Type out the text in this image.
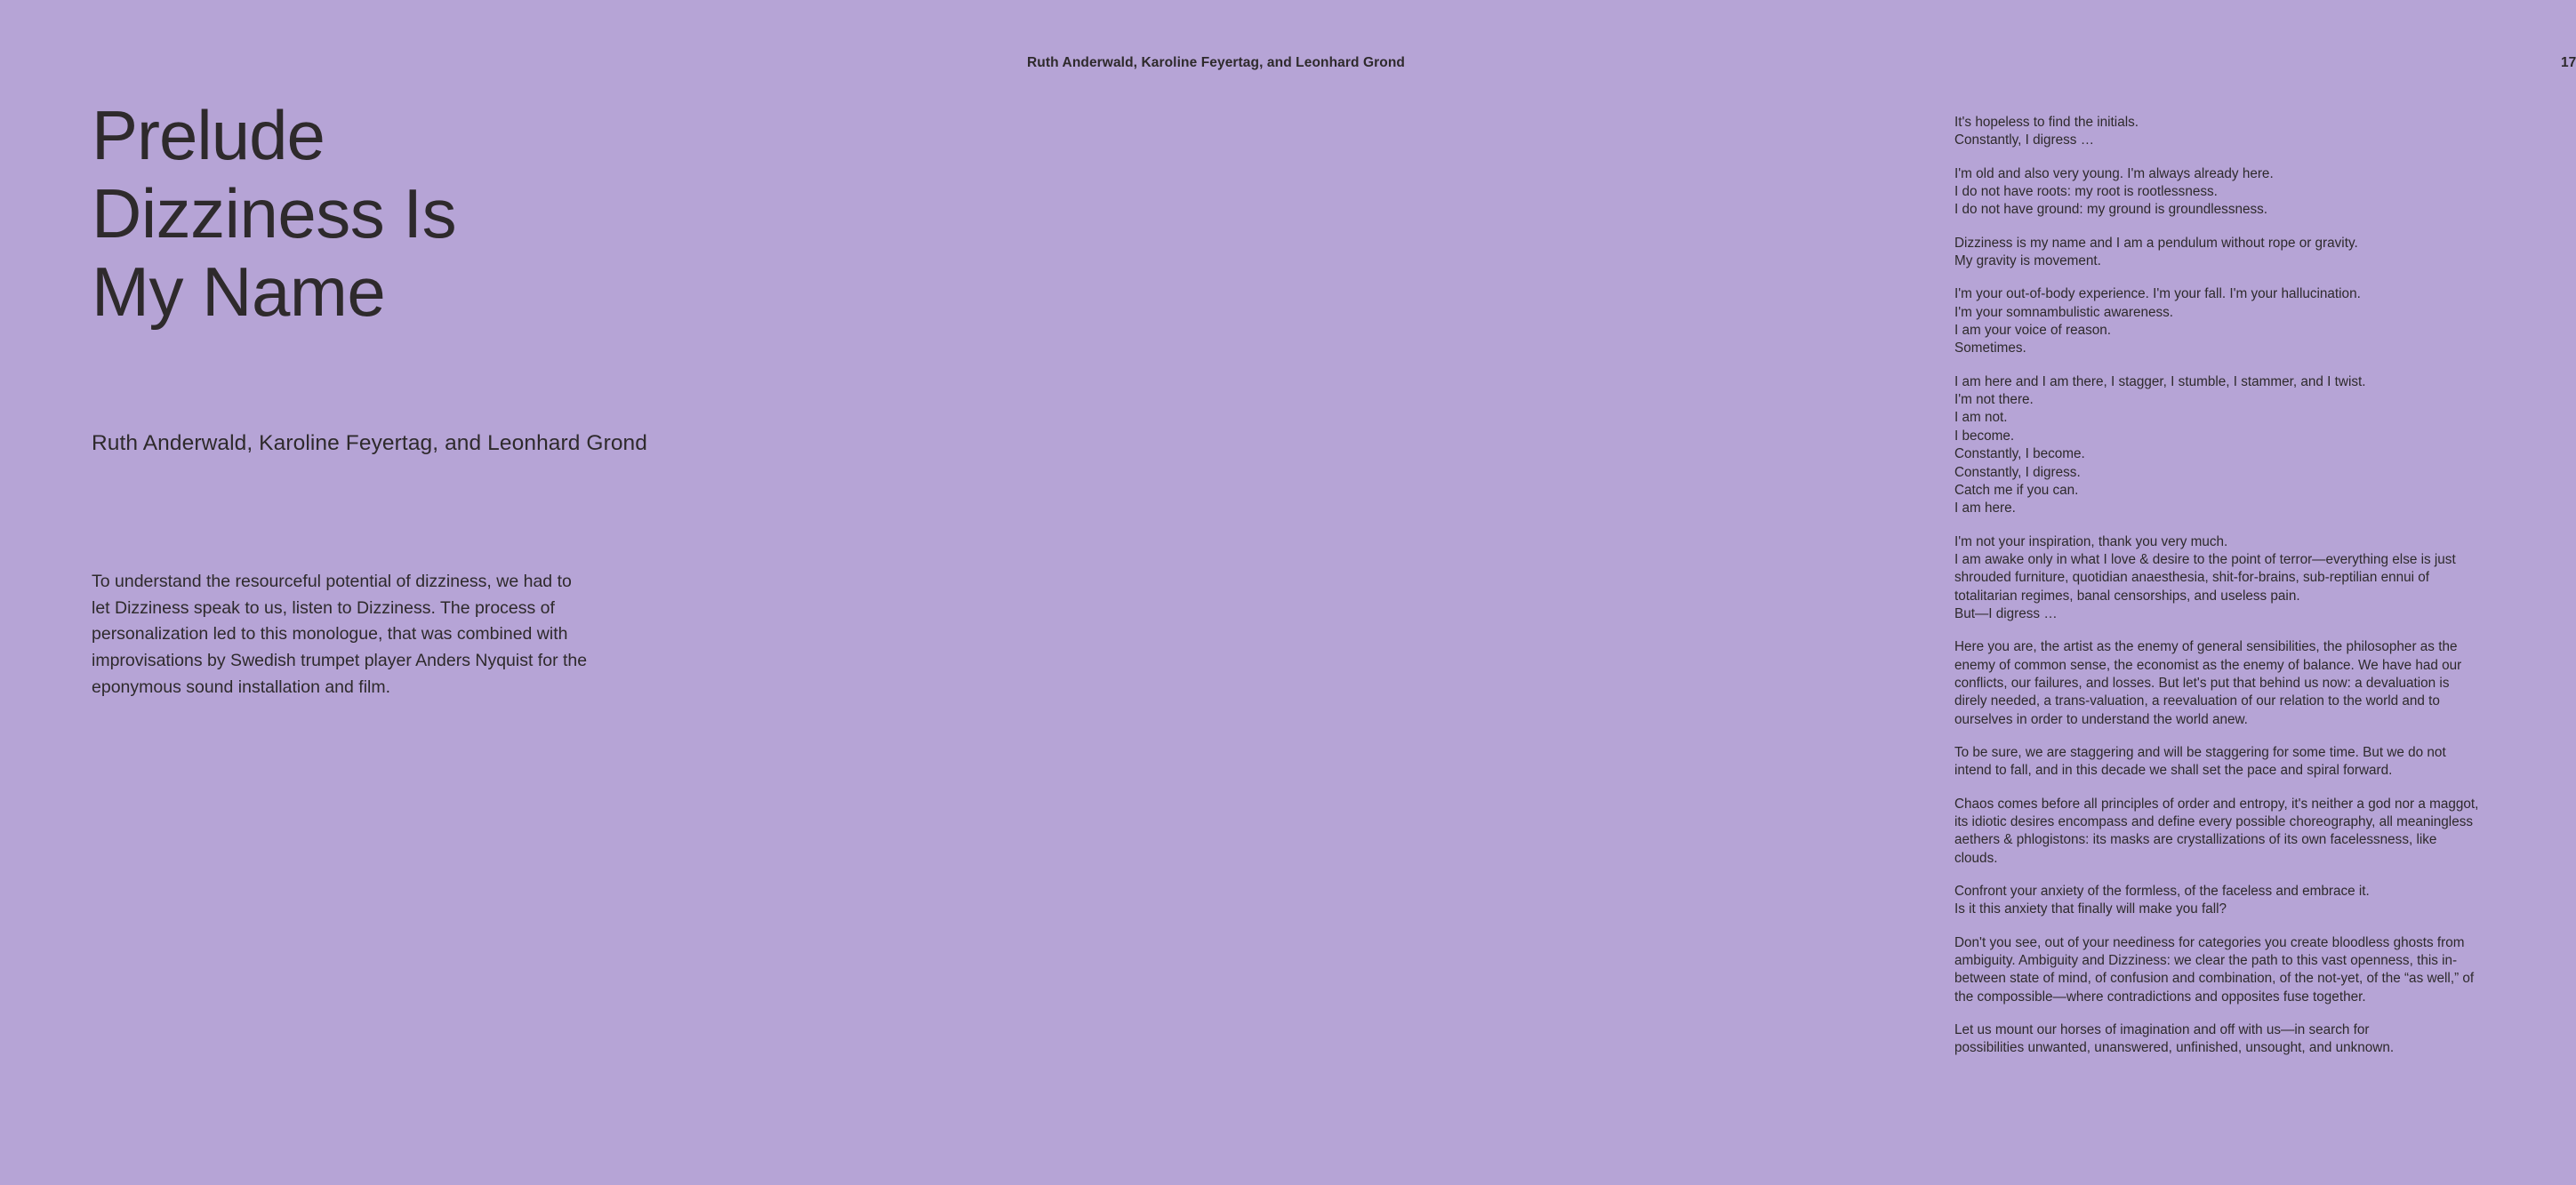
Prelude
Dizziness Is
My Name
Ruth Anderwald, Karoline Feyertag, and Leonhard Grond

To understand the resourceful potential of dizziness, we had to let Dizziness speak to us, listen to Dizziness. The process of personalization led to this monologue, that was combined with improvisations by Swedish trumpet player Anders Nyquist for the eponymous sound installation and film.

Ruth Anderwald, Karoline Feyertag, and Leonhard Grond	17

It's hopeless to find the initials.
Constantly, I digress …

I'm old and also very young. I'm always already here.
I do not have roots: my root is rootlessness.
I do not have ground: my ground is groundlessness.

Dizziness is my name and I am a pendulum without rope or gravity.
My gravity is movement.

I'm your out-of-body experience. I'm your fall. I'm your hallucination.
I'm your somnambulistic awareness.
I am your voice of reason.
Sometimes.

I am here and I am there, I stagger, I stumble, I stammer, and I twist.
I'm not there.
I am not.
I become.
Constantly, I become.
Constantly, I digress.
Catch me if you can.
I am here.

I'm not your inspiration, thank you very much.
I am awake only in what I love & desire to the point of terror—everything else is just shrouded furniture, quotidian anaesthesia, shit-for-brains, sub-reptilian ennui of totalitarian regimes, banal censorships, and useless pain.
But—I digress …

Here you are, the artist as the enemy of general sensibilities, the philosopher as the enemy of common sense, the economist as the enemy of balance. We have had our conflicts, our failures, and losses. But let's put that behind us now: a devaluation is direly needed, a trans-valuation, a reevaluation of our relation to the world and to ourselves in order to understand the world anew.

To be sure, we are staggering and will be staggering for some time. But we do not intend to fall, and in this decade we shall set the pace and spiral forward.

Chaos comes before all principles of order and entropy, it's neither a god nor a maggot, its idiotic desires encompass and define every possible choreography, all meaningless aethers & phlogistons: its masks are crystallizations of its own facelessness, like clouds.

Confront your anxiety of the formless, of the faceless and embrace it.
Is it this anxiety that finally will make you fall?

Don't you see, out of your neediness for categories you create bloodless ghosts from ambiguity. Ambiguity and Dizziness: we clear the path to this vast openness, this in-between state of mind, of confusion and combination, of the not-yet, of the “as well,” of the compossible—where contradictions and opposites fuse together.

Let us mount our horses of imagination and off with us—in search for
possibilities unwanted, unanswered, unfinished, unsought, and unknown.
